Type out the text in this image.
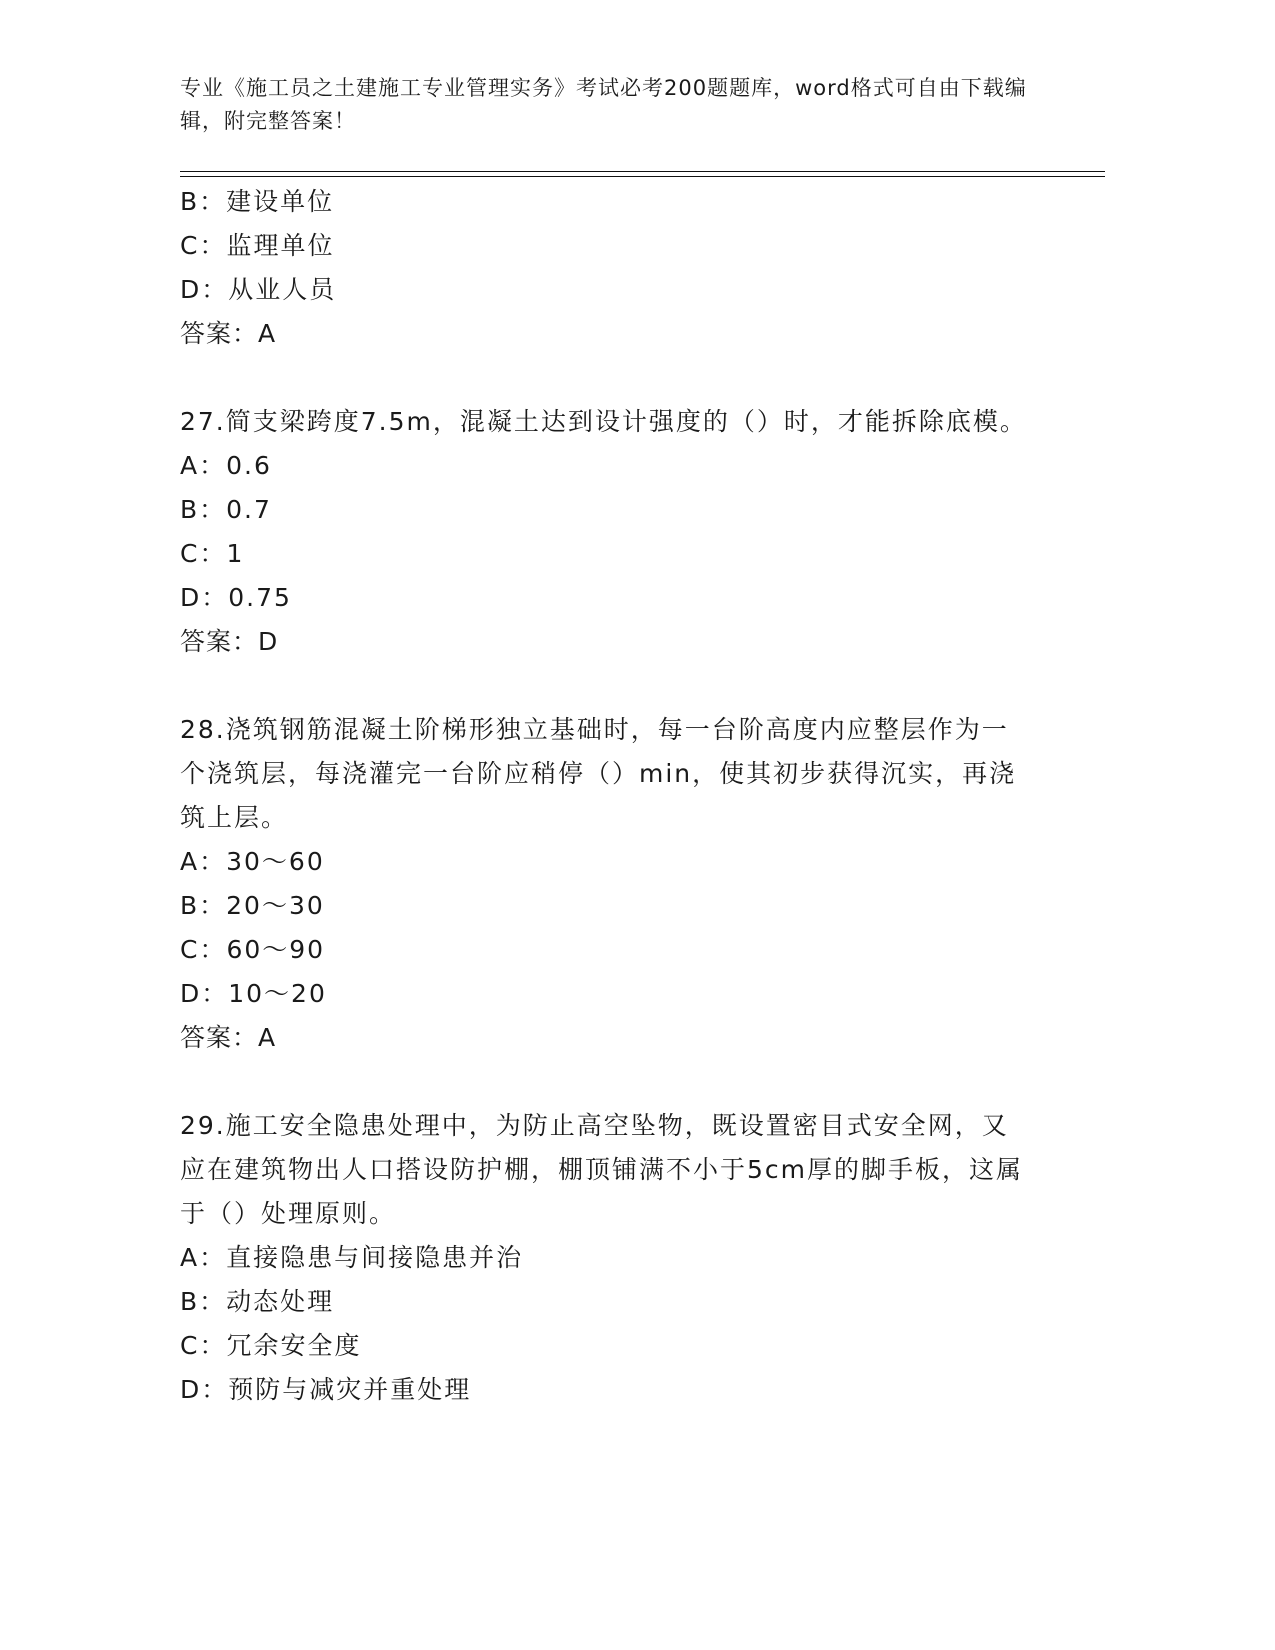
专业《施工员之土建施工专业管理实务》考试必考200题题库，word格式可自由下载编辑，附完整答案！
B：建设单位
C：监理单位
D：从业人员
答案：A
27.简支梁跨度7.5m，混凝土达到设计强度的（）时，才能拆除底模。
A：0.6
B：0.7
C：1
D：0.75
答案：D
28.浇筑钢筋混凝土阶梯形独立基础时，每一台阶高度内应整层作为一个浇筑层，每浇灌完一台阶应稍停（）min，使其初步获得沉实，再浇筑上层。
A：30～60
B：20～30
C：60～90
D：10～20
答案：A
29.施工安全隐患处理中，为防止高空坠物，既设置密目式安全网，又应在建筑物出人口搭设防护棚，棚顶铺满不小于5cm厚的脚手板，这属于（）处理原则。
A：直接隐患与间接隐患并治
B：动态处理
C：冗余安全度
D：预防与减灾并重处理
